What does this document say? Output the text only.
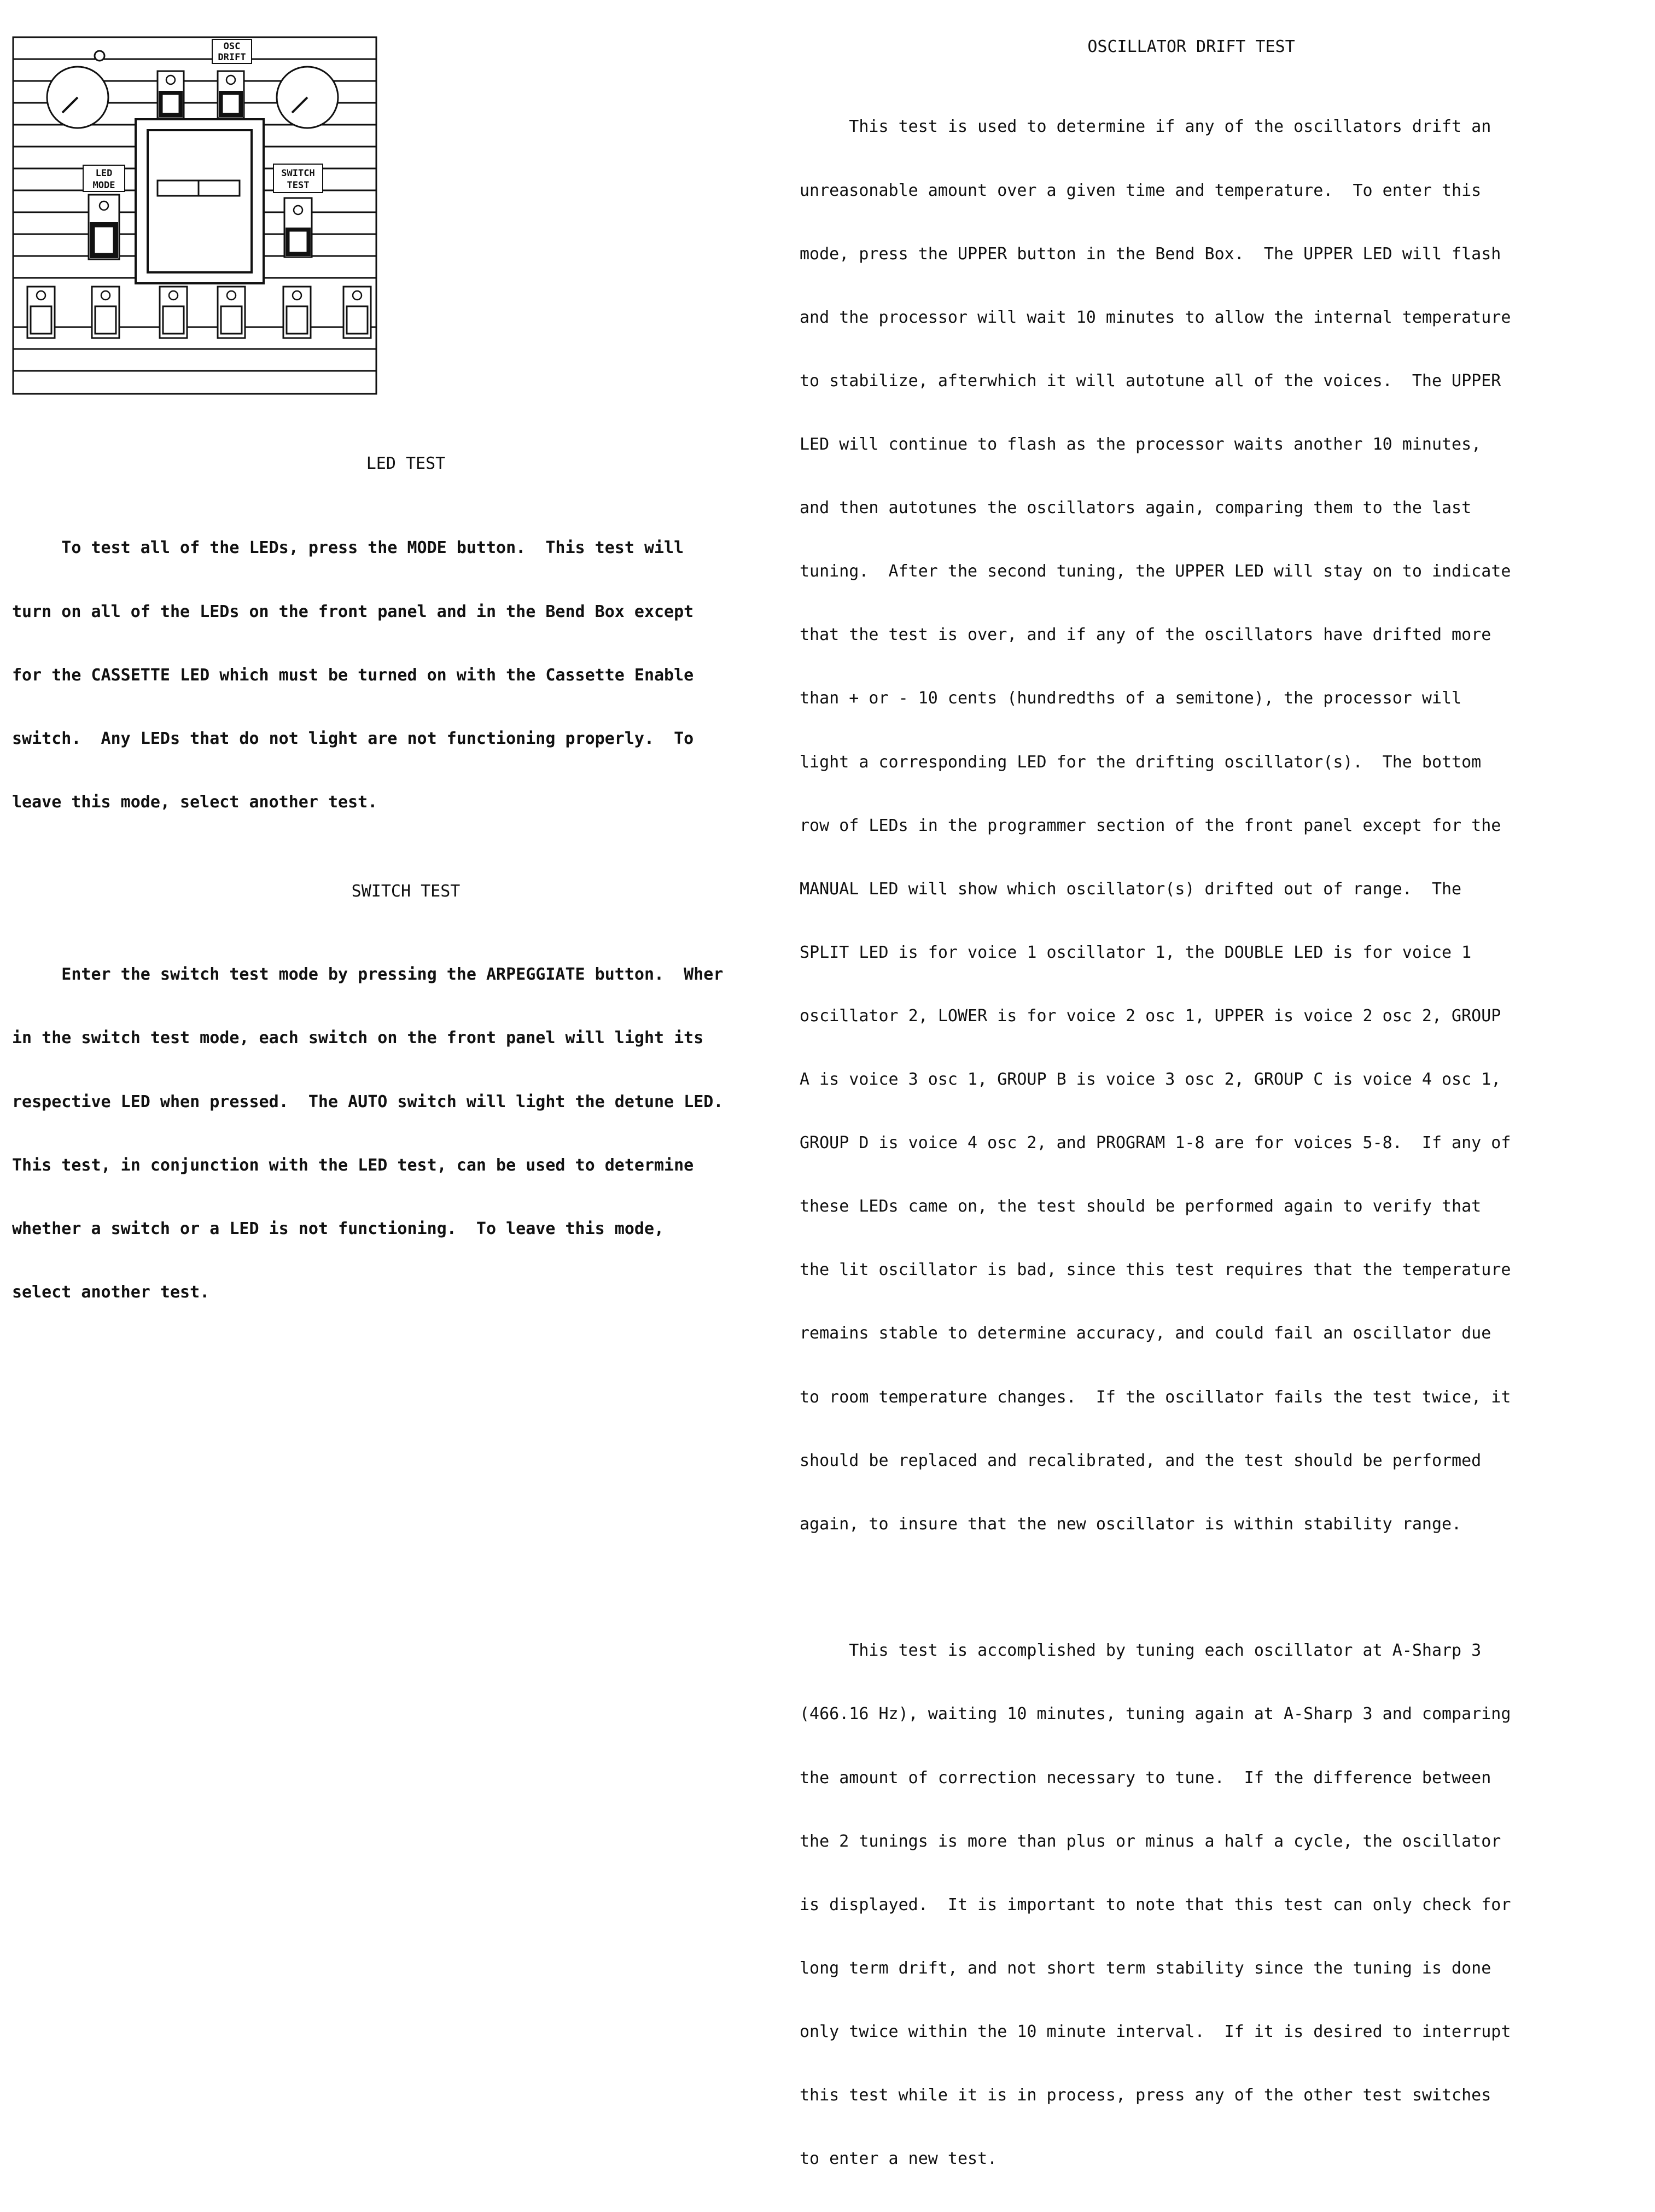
OSC
DRIFT
LED
MODE
SWITCH
TEST
LED TEST

To test all of the LEDs, press the MODE button.  This test will

turn on all of the LEDs on the front panel and in the Bend Box except

for the CASSETTE LED which must be turned on with the Cassette Enable

switch.  Any LEDs that do not light are not functioning properly.  To

leave this mode, select another test.

SWITCH TEST

Enter the switch test mode by pressing the ARPEGGIATE button.  Wher

in the switch test mode, each switch on the front panel will light its

respective LED when pressed.  The AUTO switch will light the detune LED.

This test, in conjunction with the LED test, can be used to determine

whether a switch or a LED is not functioning.  To leave this mode,

select another test.

OSCILLATOR DRIFT TEST

This test is used to determine if any of the oscillators drift an

unreasonable amount over a given time and temperature.  To enter this

mode, press the UPPER button in the Bend Box.  The UPPER LED will flash

and the processor will wait 10 minutes to allow the internal temperature

to stabilize, afterwhich it will autotune all of the voices.  The UPPER

LED will continue to flash as the processor waits another 10 minutes,

and then autotunes the oscillators again, comparing them to the last

tuning.  After the second tuning, the UPPER LED will stay on to indicate

that the test is over, and if any of the oscillators have drifted more

than + or - 10 cents (hundredths of a semitone), the processor will

light a corresponding LED for the drifting oscillator(s).  The bottom

row of LEDs in the programmer section of the front panel except for the

MANUAL LED will show which oscillator(s) drifted out of range.  The

SPLIT LED is for voice 1 oscillator 1, the DOUBLE LED is for voice 1

oscillator 2, LOWER is for voice 2 osc 1, UPPER is voice 2 osc 2, GROUP

A is voice 3 osc 1, GROUP B is voice 3 osc 2, GROUP C is voice 4 osc 1,

GROUP D is voice 4 osc 2, and PROGRAM 1-8 are for voices 5-8.  If any of

these LEDs came on, the test should be performed again to verify that

the lit oscillator is bad, since this test requires that the temperature

remains stable to determine accuracy, and could fail an oscillator due

to room temperature changes.  If the oscillator fails the test twice, it

should be replaced and recalibrated, and the test should be performed

again, to insure that the new oscillator is within stability range.

This test is accomplished by tuning each oscillator at A-Sharp 3

(466.16 Hz), waiting 10 minutes, tuning again at A-Sharp 3 and comparing

the amount of correction necessary to tune.  If the difference between

the 2 tunings is more than plus or minus a half a cycle, the oscillator

is displayed.  It is important to note that this test can only check for

long term drift, and not short term stability since the tuning is done

only twice within the 10 minute interval.  If it is desired to interrupt

this test while it is in process, press any of the other test switches

to enter a new test.
